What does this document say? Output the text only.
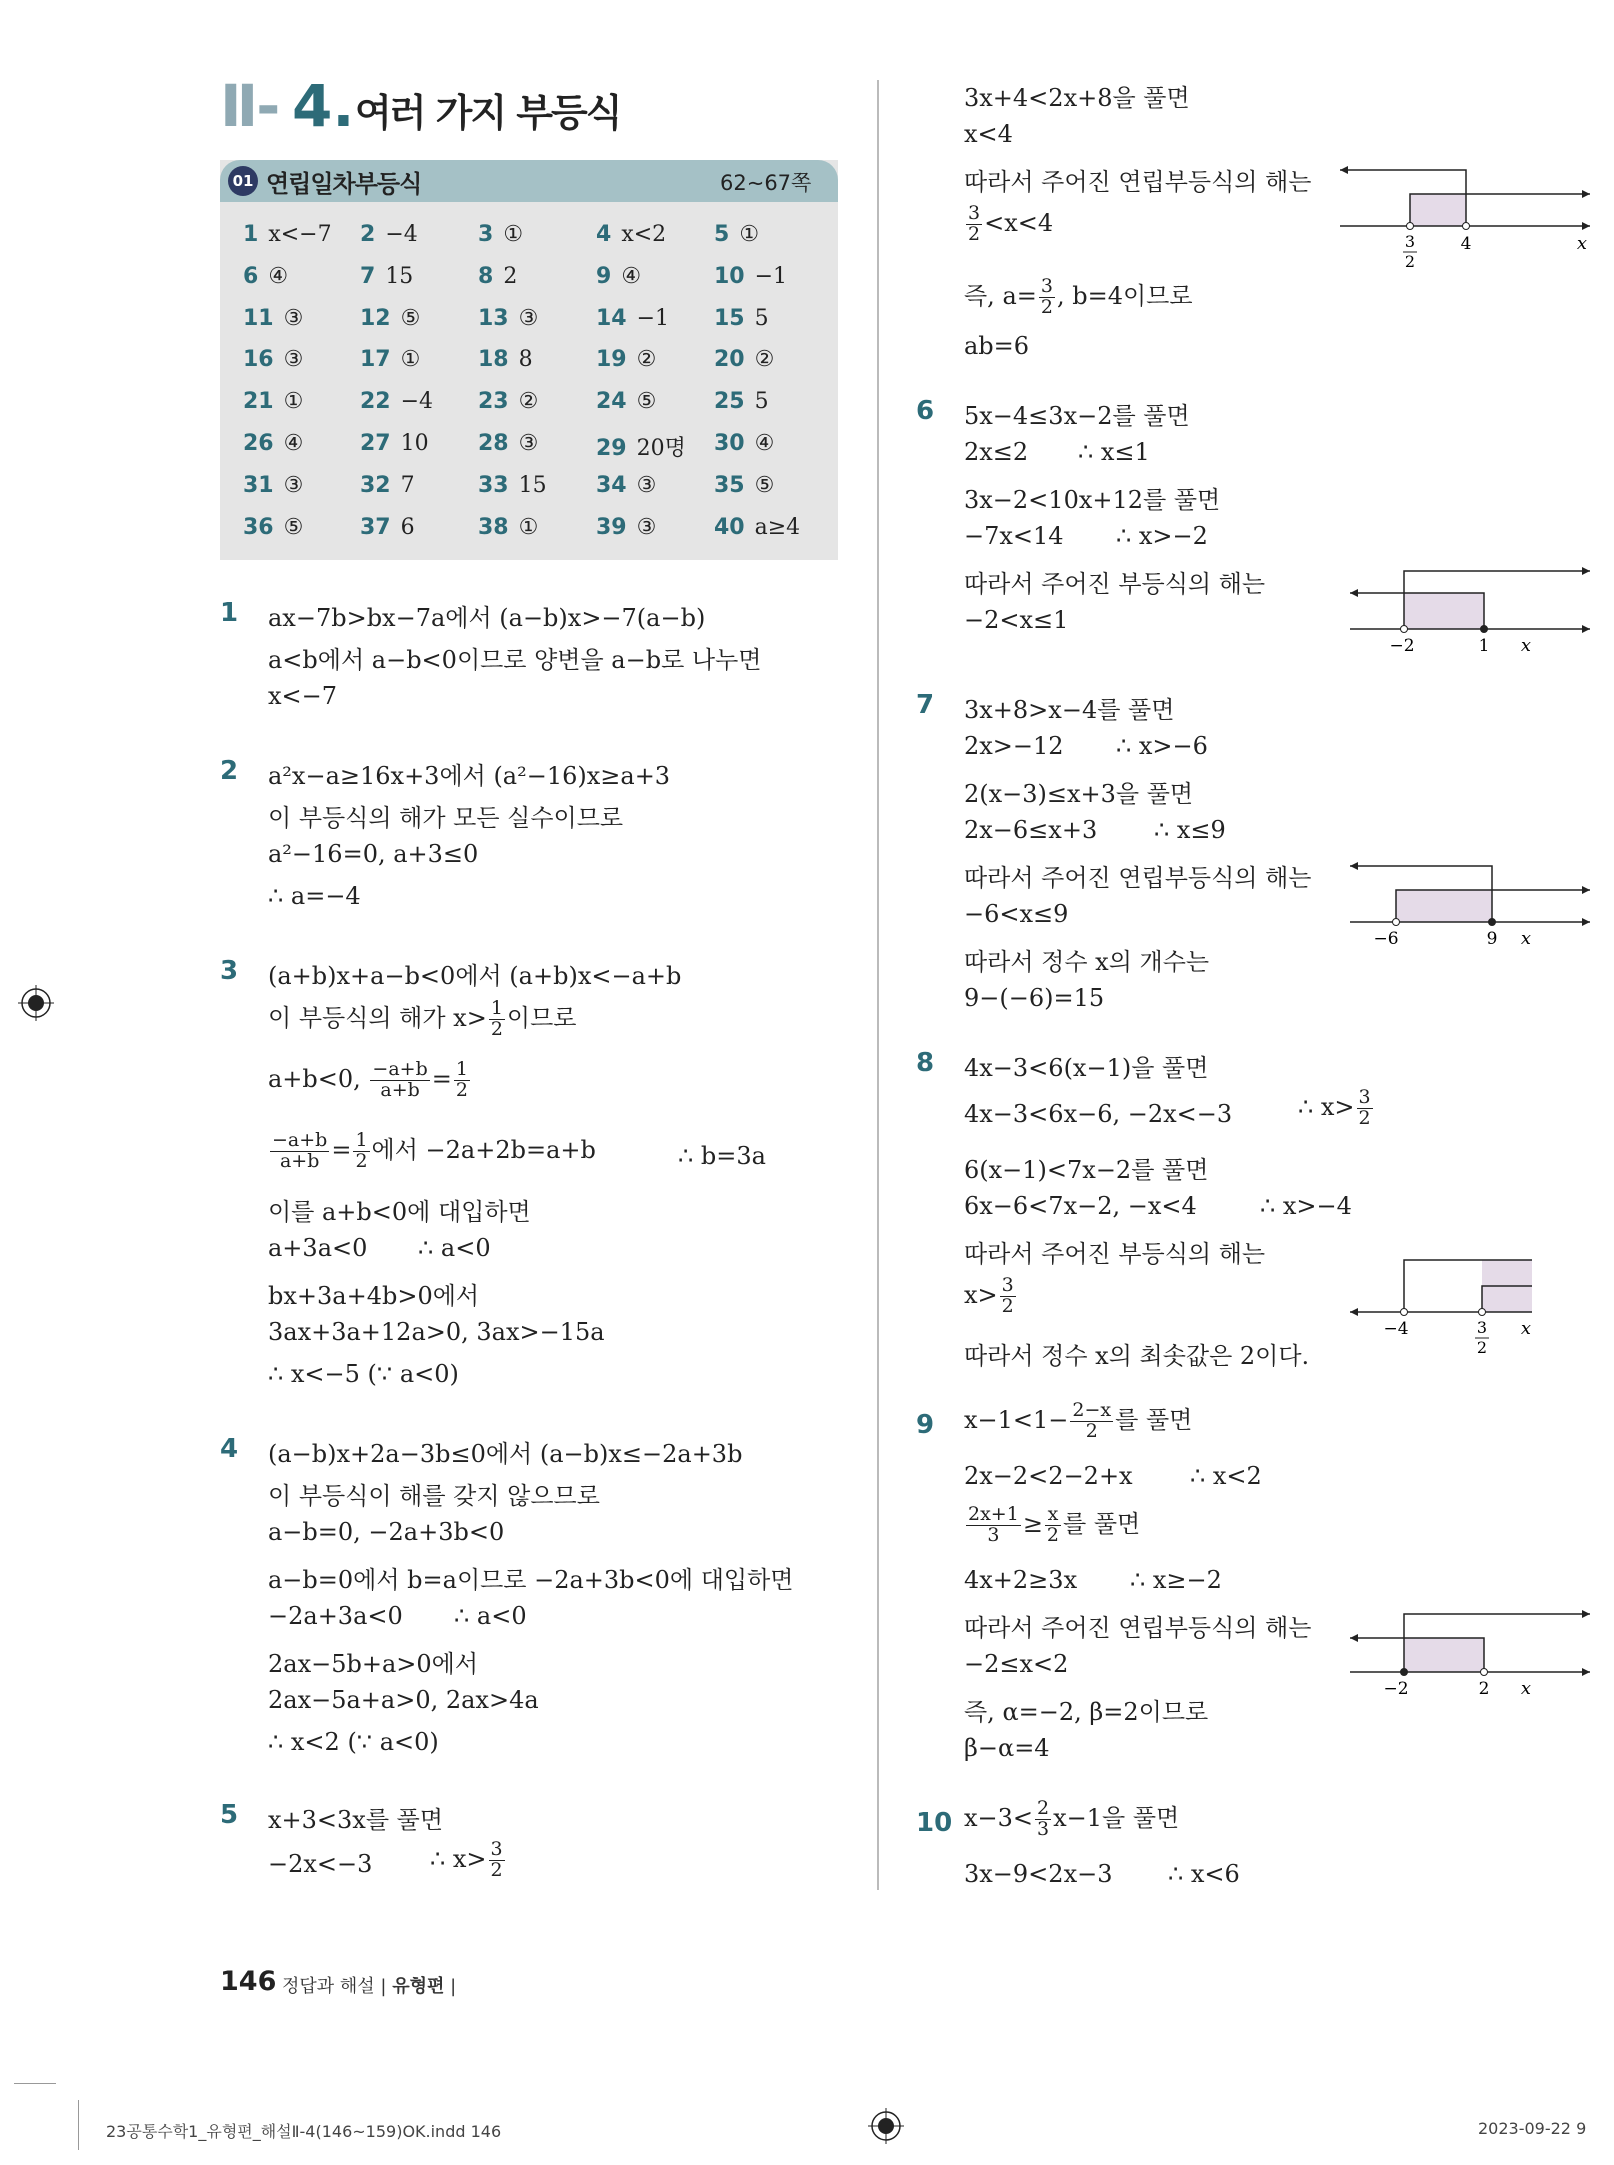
Ⅱ- 4. 여러 가지 부등식
01 연립일차부등식	62∼67쪽
1 x<−7 2 −4	3 ①	4 x<2 5 ①
6 ④	7 15	8 2	9 ④	10 −1
11 ③	12 ⑤	13 ③	14 −1 15 5
16 ③	17 ①	18 8	19 ②	20 ②
21 ①	22 −4 23 ②	24 ⑤	25 5
26 ④	27 10 28 ③	29 20명 30 ④
31 ③	32 7	33 15 34 ③	35 ⑤
36 ⑤	37 6	38 ①	39 ③	40 a≥4
1 ax−7b>bx−7a에서 (a−b)x>−7(a−b)
a<b에서 a−b<0이므로 양변을 a−b로 나누면
x<−7
2 a²x−a≥16x+3에서 (a²−16)x≥a+3
이 부등식의 해가 모든 실수이므로
a²−16=0, a+3≤0
∴ a=−4
3 (a+b)x+a−b<0에서 (a+b)x<−a+b
이 부등식의 해가 $x> \frac{1}{2}$ 이므로
a+b<0, $\frac{-a+b}{a+b} = \frac{1}{2}$
$\frac{-a+b}{a+b} = \frac{1}{2}$ 에서 −2a+2b=a+b	∴ b=3a
이를 a+b<0에 대입하면
a+3a<0 ∴ a<0
bx+3a+4b>0에서
3ax+3a+12a>0, 3ax>−15a
∴ x<−5 (∵ a<0)
4 (a−b)x+2a−3b≤0에서 (a−b)x≤−2a+3b
이 부등식이 해를 갖지 않으므로
a−b=0, −2a+3b<0
a−b=0에서 b=a이므로 −2a+3b<0에 대입하면
−2a+3a<0 ∴ a<0
2ax−5b+a>0에서
2ax−5a+a>0, 2ax>4a
∴ x<2 (∵ a<0)
5 x+3<3x를 풀면
−2x<−3 ∴ $x> \frac{3}{2}$
3x+4<2x+8을 풀면
x<4
따라서 주어진 연립부등식의 해는
$\frac{3}{2} <x<4$
즉, $a= \frac{3}{2}$ , b=4이므로
ab=6
6 5x−4≤3x−2를 풀면
2x≤2 ∴ x≤1
3x−2<10x+12를 풀면
−7x<14 ∴ x>−2
따라서 주어진 부등식의 해는
−2<x≤1
7 3x+8>x−4를 풀면
2x>−12 ∴ x>−6
2(x−3)≤x+3을 풀면
2x−6≤x+3 ∴ x≤9
따라서 주어진 연립부등식의 해는
−6<x≤9
따라서 정수 x의 개수는
9−(−6)=15
8 4x−3<6(x−1)을 풀면
4x−3<6x−6, −2x<−3	∴ $x> \frac{3}{2}$
6(x−1)<7x−2를 풀면
6x−6<7x−2, −x<4	∴ x>−4
따라서 주어진 부등식의 해는
$x> \frac{3}{2}$
따라서 정수 x의 최솟값은 2이다.
9 $x-1<1- \frac{2-x}{2}$ 를 풀면
2x−2<2−2+x ∴ x<2
$\frac{2x+1}{3} \ge \frac{x}{2}$ 를 풀면
4x+2≥3x ∴ x≥−2
따라서 주어진 연립부등식의 해는
−2≤x<2
즉, α=−2, β=2이므로
β−α=4
10 $x-3< \frac{2}{3} x-1$을 풀면
3x−9<2x−3 ∴ x<6
3
2
4	x
−2	1 x
−6	9 x
−4	3
2
x
−2	2 x
146 정답과 해설 | 유형편 |
23공통수학1_유형편_해설Ⅱ-4(146~159)OK.indd 146	2023-09-22 9
